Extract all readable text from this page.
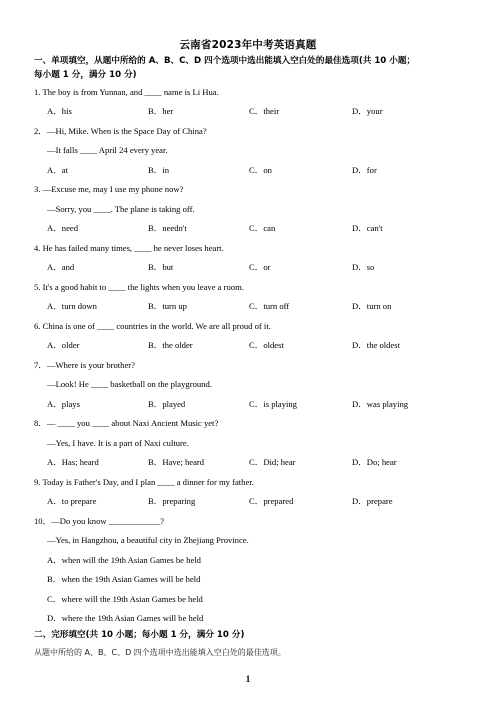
云南省2023年中考英语真题
一、单项填空，从题中所给的 A、B、C、D 四个选项中选出能填入空白处的最佳选项(共 10 小题；
每小题 1 分，满分 10 分)
1. The boy is from Yunnan, and ____ name is Li Hua.
A．his	B．her	C．their	D．your
2．—Hi, Mike. When is the Space Day of China?
—It falls ____ April 24 every year.
A．at	B．in	C．on	D．for
3. —Excuse me, may I use my phone now?
—Sorry, you ____. The plane is taking off.
A．need	B．needn't	C．can	D．can't
4. He has failed many times, ____ he never loses heart.
A．and	B．but	C．or	D．so
5. It's a good habit to ____ the lights when you leave a room.
A．turn down	B．turn up	C．turn off	D．turn on
6. China is one of ____ countries in the world. We are all proud of it.
A．older	B．the older	C．oldest	D．the oldest
7．—Where is your brother?
—Look! He ____ basketball on the playground.
A．plays	B．played	C．is playing	D．was playing
8．— ____ you ____ about Naxi Ancient Music yet?
—Yes, I have. It is a part of Naxi culture.
A．Has; heard	B．Have; heard	C．Did; hear	D．Do; hear
9. Today is Father's Day, and I plan ____ a dinner for my father.
A．to prepare	B．preparing	C．prepared	D．prepare
10．—Do you know ____________?
—Yes, in Hangzhou, a beautiful city in Zhejiang Province.
A．when will the 19th Asian Games be held
B．when the 19th Asian Games will be held
C．where will the 19th Asian Games be held
D．where the 19th Asian Games will be held
二、完形填空(共 10 小题；每小题 1 分，满分 10 分)
从题中所给的 A、B、C、D 四个选项中选出能填入空白处的最佳选项。
1
